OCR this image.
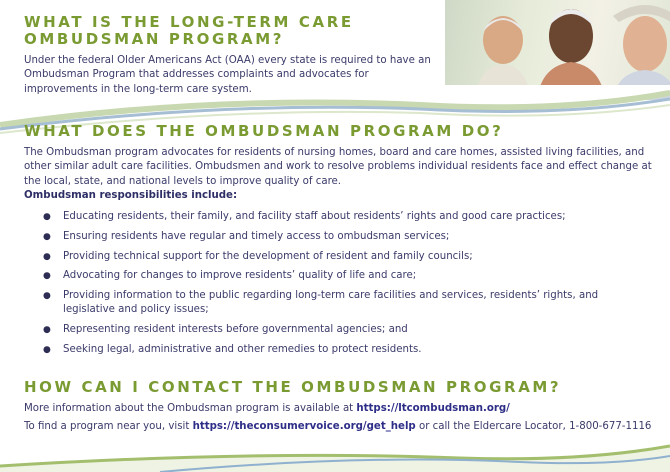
WHAT IS THE LONG-TERM CARE OMBUDSMAN PROGRAM?

Under the federal Older Americans Act (OAA) every state is required to have an Ombudsman Program that addresses complaints and advocates for improvements in the long-term care system.

WHAT DOES THE OMBUDSMAN PROGRAM DO?

The Ombudsman program advocates for residents of nursing homes, board and care homes, assisted living facilities, and other similar adult care facilities. Ombudsmen and work to resolve problems individual residents face and effect change at the local, state, and national levels to improve quality of care.

Ombudsman responsibilities include:

● Educating residents, their family, and facility staff about residents’ rights and good care practices;
● Ensuring residents have regular and timely access to ombudsman services;
● Providing technical support for the development of resident and family councils;
● Advocating for changes to improve residents’ quality of life and care;
● Providing information to the public regarding long-term care facilities and services, residents’ rights, and legislative and policy issues;
● Representing resident interests before governmental agencies; and
● Seeking legal, administrative and other remedies to protect residents.
HOW CAN I CONTACT THE OMBUDSMAN PROGRAM?

More information about the Ombudsman program is available at https://ltcombudsman.org/

To find a program near you, visit https://theconsumervoice.org/get_help or call the Eldercare Locator, 1-800-677-1116
